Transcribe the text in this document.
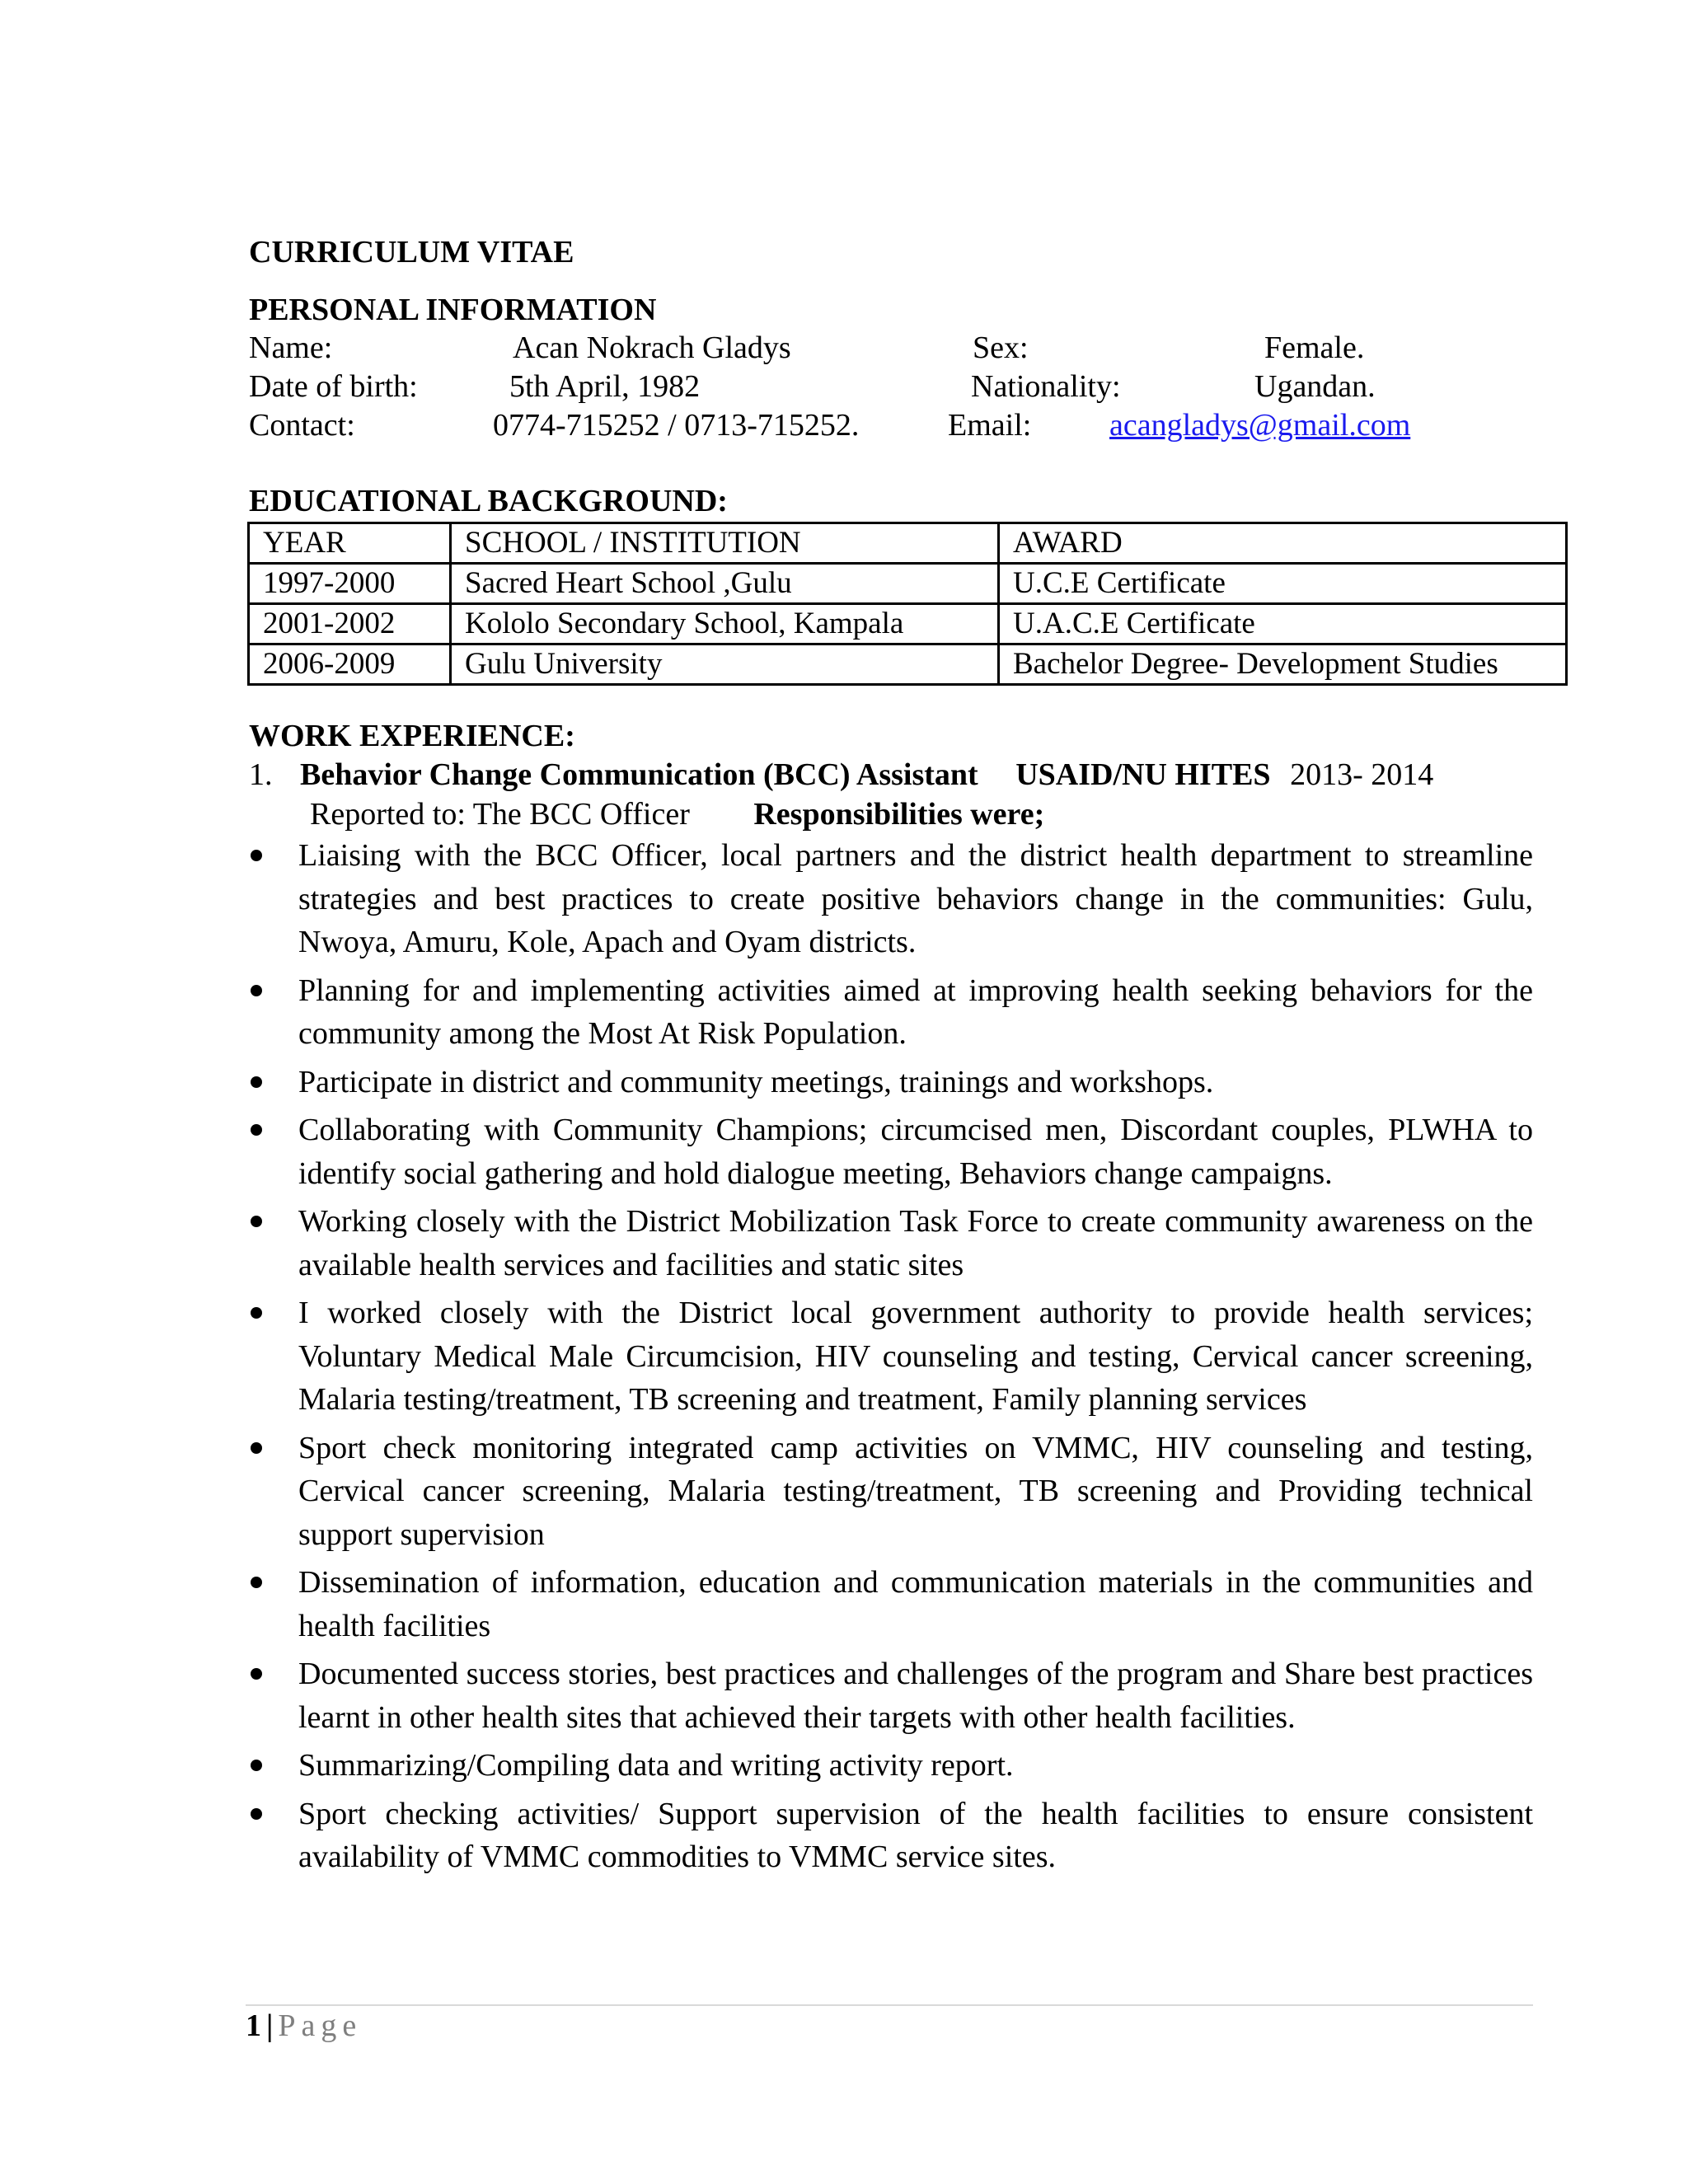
CURRICULUM VITAE
PERSONAL INFORMATION
Name:	Acan Nokrach Gladys	Sex:	Female.
Date of birth:	5th April, 1982	Nationality:	Ugandan.
Contact:	0774-715252 / 0713-715252.	Email: acangladys@gmail.com
EDUCATIONAL BACKGROUND:
YEAR	SCHOOL / INSTITUTION	AWARD
1997-2000	Sacred Heart School ,Gulu	U.C.E Certificate
2001-2002	Kololo Secondary School, Kampala	U.A.C.E Certificate
2006-2009	Gulu University	Bachelor Degree- Development Studies
WORK EXPERIENCE:
1. Behavior Change Communication (BCC) Assistant USAID/NU HITES 2013- 2014
Reported to: The BCC Officer Responsibilities were;
Liaising with the BCC Officer, local partners and the district health department to streamline strategies and best practices to create positive behaviors change in the communities: Gulu, Nwoya, Amuru, Kole, Apach and Oyam districts.
Planning for and implementing activities aimed at improving health seeking behaviors for the community among the Most At Risk Population.
Participate in district and community meetings, trainings and workshops.
Collaborating with Community Champions; circumcised men, Discordant couples, PLWHA to identify social gathering and hold dialogue meeting, Behaviors change campaigns.
Working closely with the District Mobilization Task Force to create community awareness on the available health services and facilities and static sites
I worked closely with the District local government authority to provide health services; Voluntary Medical Male Circumcision, HIV counseling and testing, Cervical cancer screening, Malaria testing/treatment, TB screening and treatment, Family planning services
Sport check monitoring integrated camp activities on VMMC, HIV counseling and testing, Cervical cancer screening, Malaria testing/treatment, TB screening and Providing technical support supervision
Dissemination of information, education and communication materials in the communities and health facilities
Documented success stories, best practices and challenges of the program and Share best practices learnt in other health sites that achieved their targets with other health facilities.
Summarizing/Compiling data and writing activity report.
Sport checking activities/ Support supervision of the health facilities to ensure consistent availability of VMMC commodities to VMMC service sites.
1 | Page
